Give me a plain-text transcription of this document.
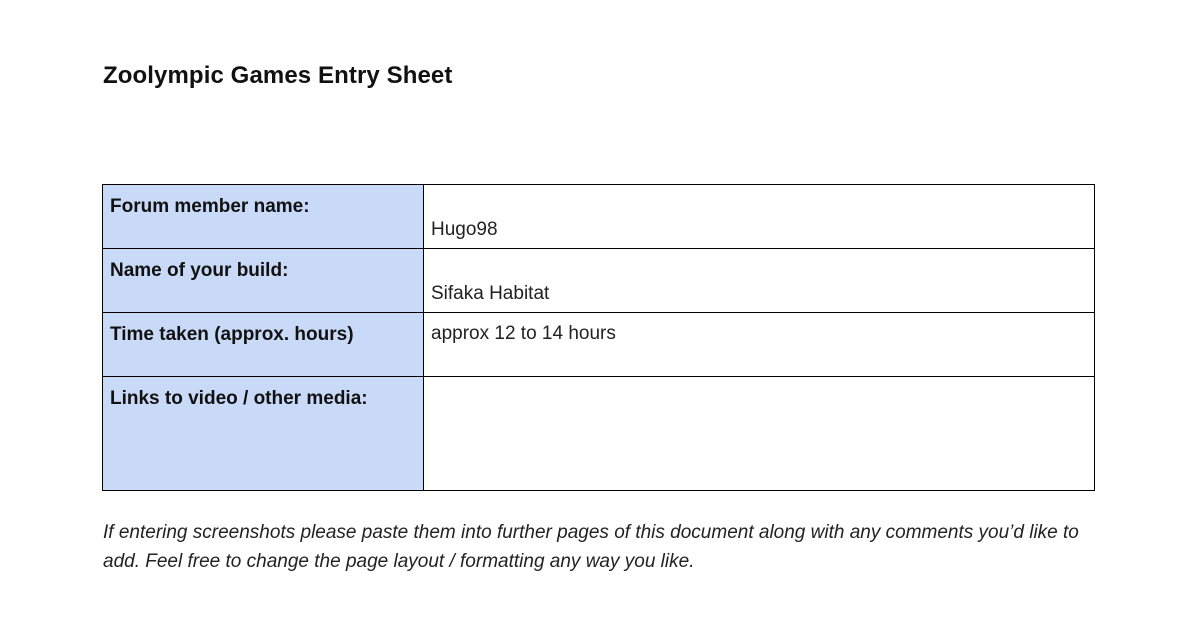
Zoolympic Games Entry Sheet
Forum member name:	Hugo98

Name of your build:	Sifaka Habitat

Time taken (approx. hours)	approx 12 to 14 hours

Links to video / other media:	

If entering screenshots please paste them into further pages of this document along with any comments you’d like to add. Feel free to change the page layout / formatting any way you like.
